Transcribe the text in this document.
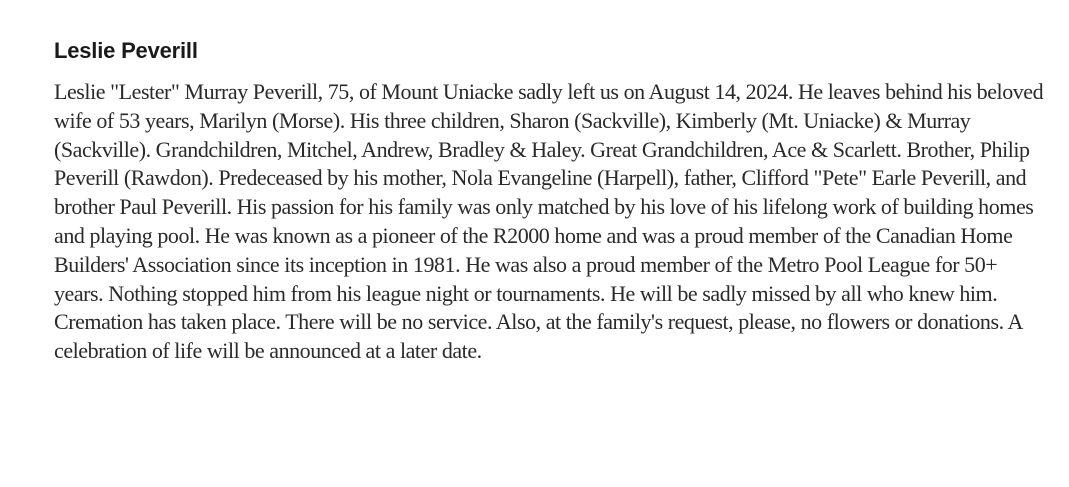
Leslie Peverill

Leslie "Lester" Murray Peverill, 75, of Mount Uniacke sadly left us on August 14, 2024. He leaves behind his beloved wife of 53 years, Marilyn (Morse). His three children, Sharon (Sackville), Kimberly (Mt. Uniacke) & Murray (Sackville). Grandchildren, Mitchel, Andrew, Bradley & Haley. Great Grandchildren, Ace & Scarlett. Brother, Philip Peverill (Rawdon). Predeceased by his mother, Nola Evangeline (Harpell), father, Clifford "Pete" Earle Peverill, and brother Paul Peverill. His passion for his family was only matched by his love of his lifelong work of building homes and playing pool. He was known as a pioneer of the R2000 home and was a proud member of the Canadian Home Builders' Association since its inception in 1981. He was also a proud member of the Metro Pool League for 50+ years. Nothing stopped him from his league night or tournaments. He will be sadly missed by all who knew him. Cremation has taken place. There will be no service. Also, at the family's request, please, no flowers or donations. A celebration of life will be announced at a later date.
